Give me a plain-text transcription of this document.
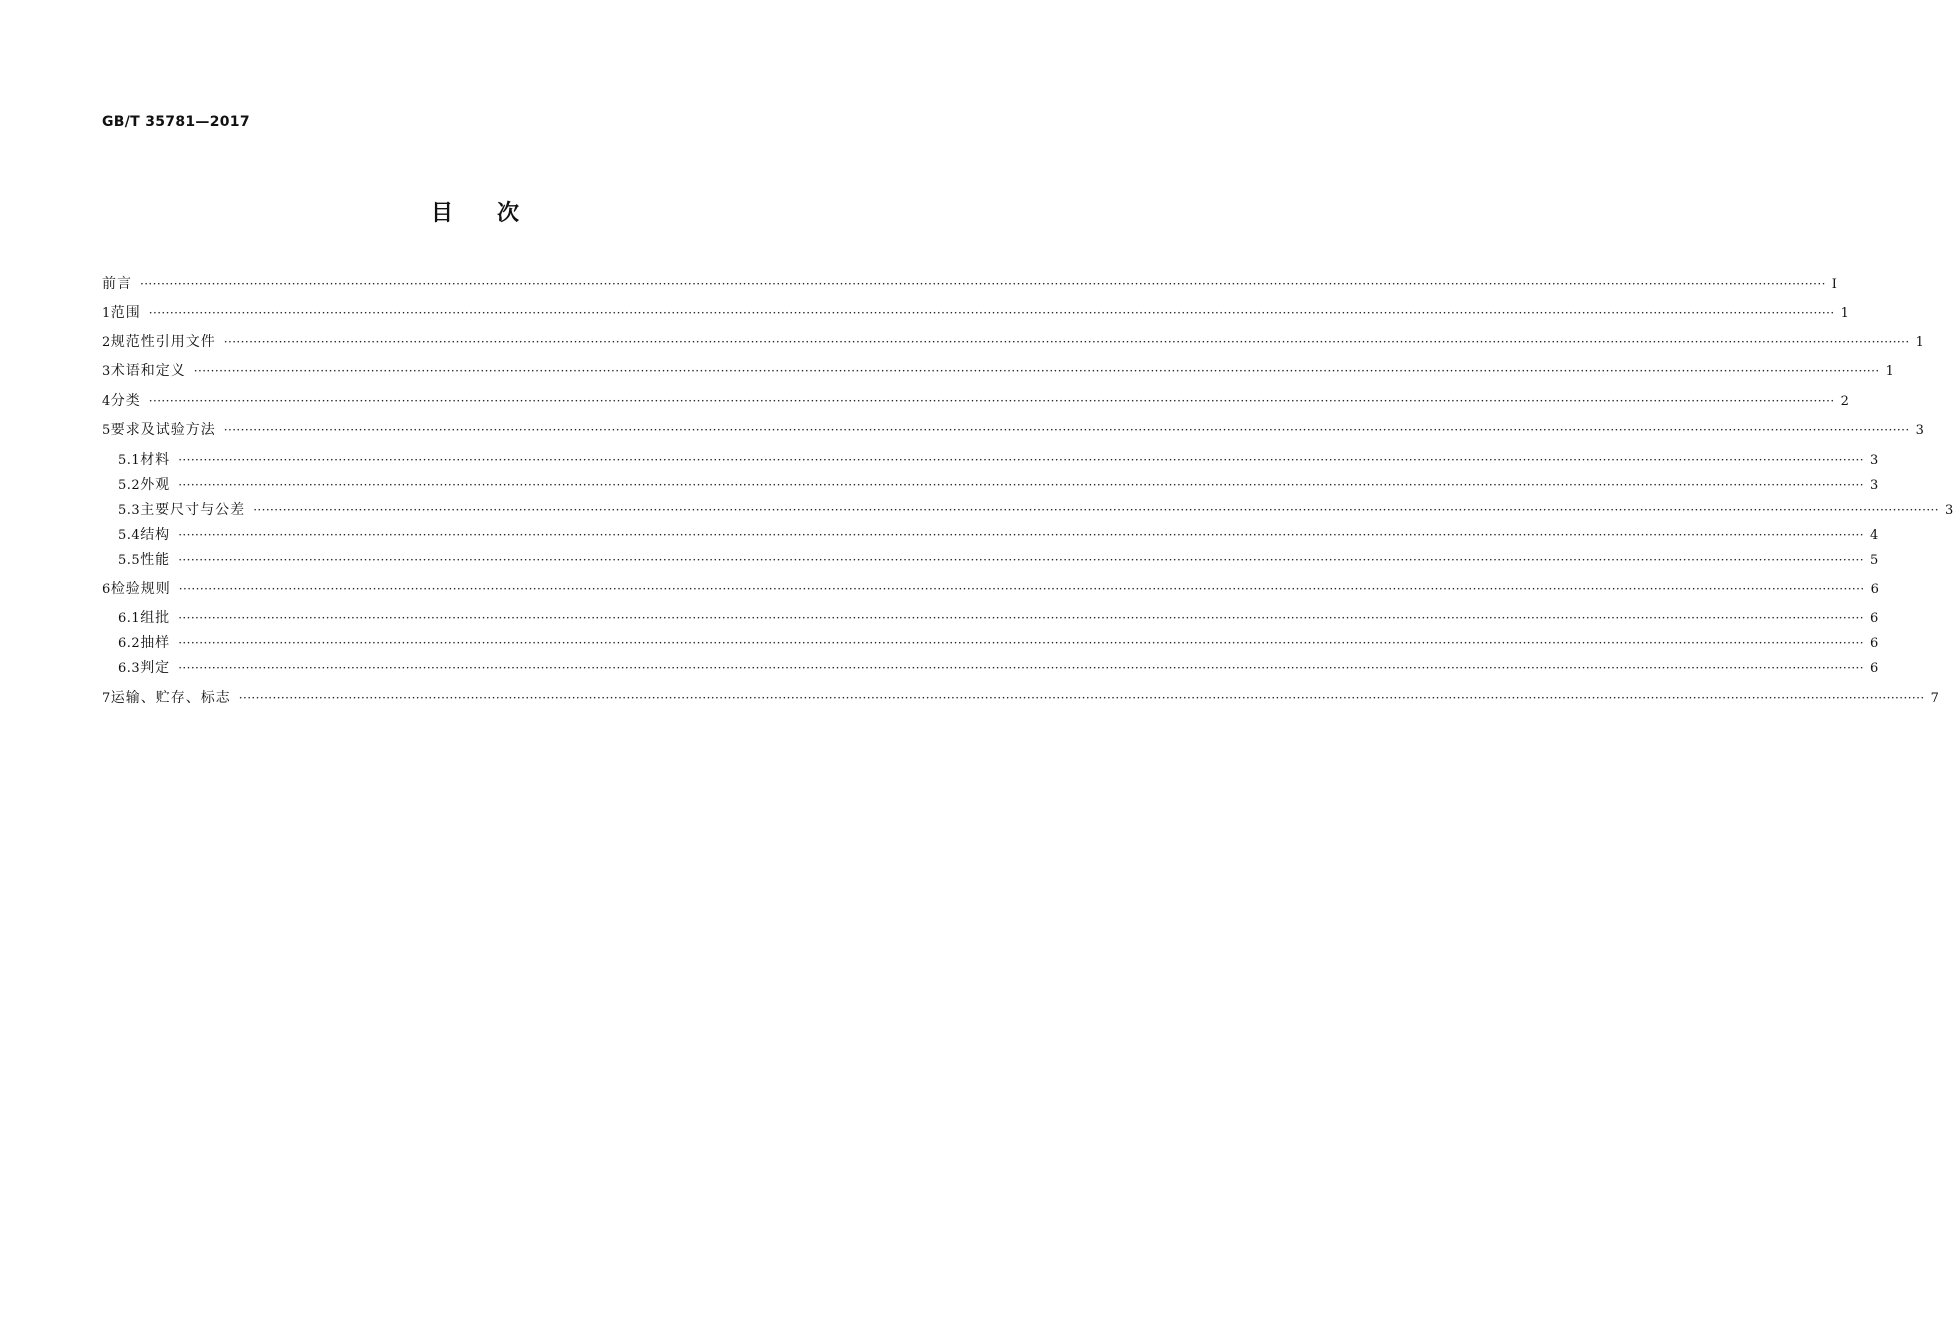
GB/T 35781—2017
目 次
前言 ················································································································································································································································································································································································································ Ⅰ
1 范围 ················································································································································································································································································································································································································ 1
2 规范性引用文件 ················································································································································································································································································································································································································ 1
3 术语和定义 ················································································································································································································································································································································································································ 1
4 分类 ················································································································································································································································································································································································································ 2
5 要求及试验方法 ················································································································································································································································································································································································································ 3
5.1 材料 ················································································································································································································································································································································································································ 3
5.2 外观 ················································································································································································································································································································································································································ 3
5.3 主要尺寸与公差 ················································································································································································································································································································································································································ 3
5.4 结构 ················································································································································································································································································································································································································ 4
5.5 性能 ················································································································································································································································································································································································································ 5
6 检验规则 ················································································································································································································································································································································································································ 6
6.1 组批 ················································································································································································································································································································································································································ 6
6.2 抽样 ················································································································································································································································································································································································································ 6
6.3 判定 ················································································································································································································································································································································································································ 6
7 运输、贮存、标志 ················································································································································································································································································································································································································ 7
